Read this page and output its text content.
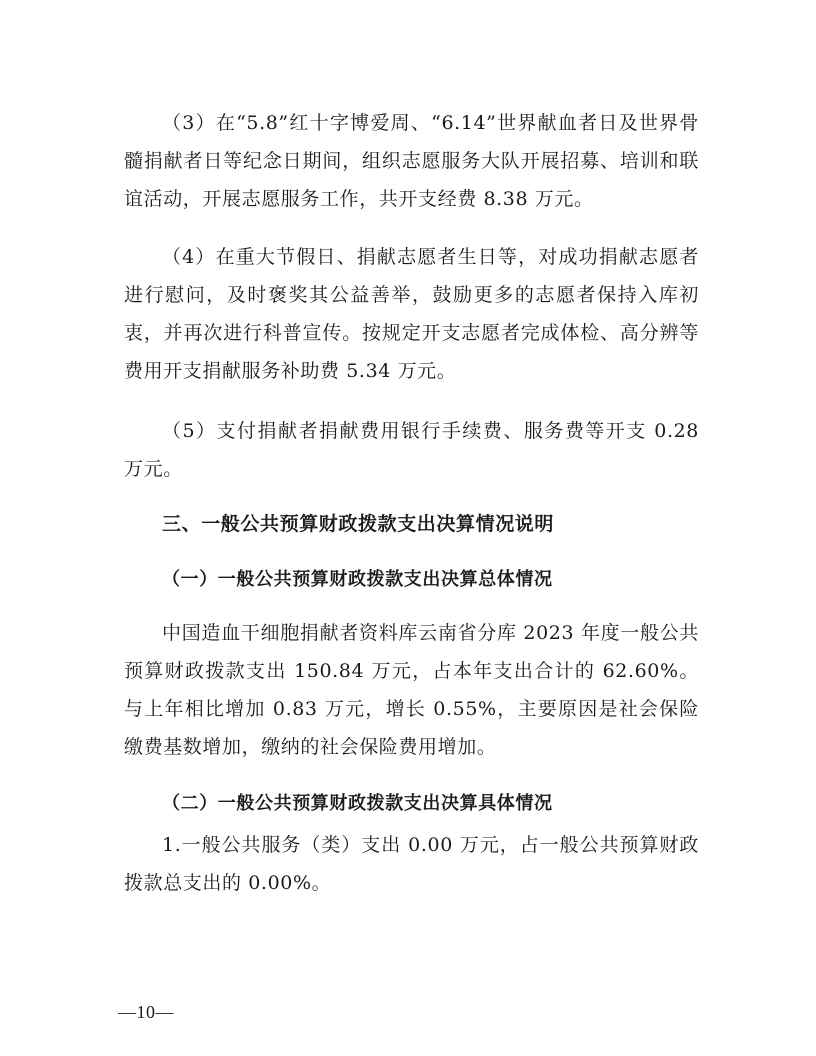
（3）在“5.8”红十字博爱周、“6.14”世界献血者日及世界骨髓捐献者日等纪念日期间，组织志愿服务大队开展招募、培训和联谊活动，开展志愿服务工作，共开支经费 8.38 万元。

（4）在重大节假日、捐献志愿者生日等，对成功捐献志愿者进行慰问，及时褒奖其公益善举，鼓励更多的志愿者保持入库初衷，并再次进行科普宣传。按规定开支志愿者完成体检、高分辨等费用开支捐献服务补助费 5.34 万元。

（5）支付捐献者捐献费用银行手续费、服务费等开支 0.28 万元。

三、一般公共预算财政拨款支出决算情况说明
（一）一般公共预算财政拨款支出决算总体情况

中国造血干细胞捐献者资料库云南省分库 2023 年度一般公共预算财政拨款支出 150.84 万元，占本年支出合计的 62.60%。与上年相比增加 0.83 万元，增长 0.55%，主要原因是社会保险缴费基数增加，缴纳的社会保险费用增加。

（二）一般公共预算财政拨款支出决算具体情况

1.一般公共服务（类）支出 0.00 万元，占一般公共预算财政拨款总支出的 0.00%。

—10—
